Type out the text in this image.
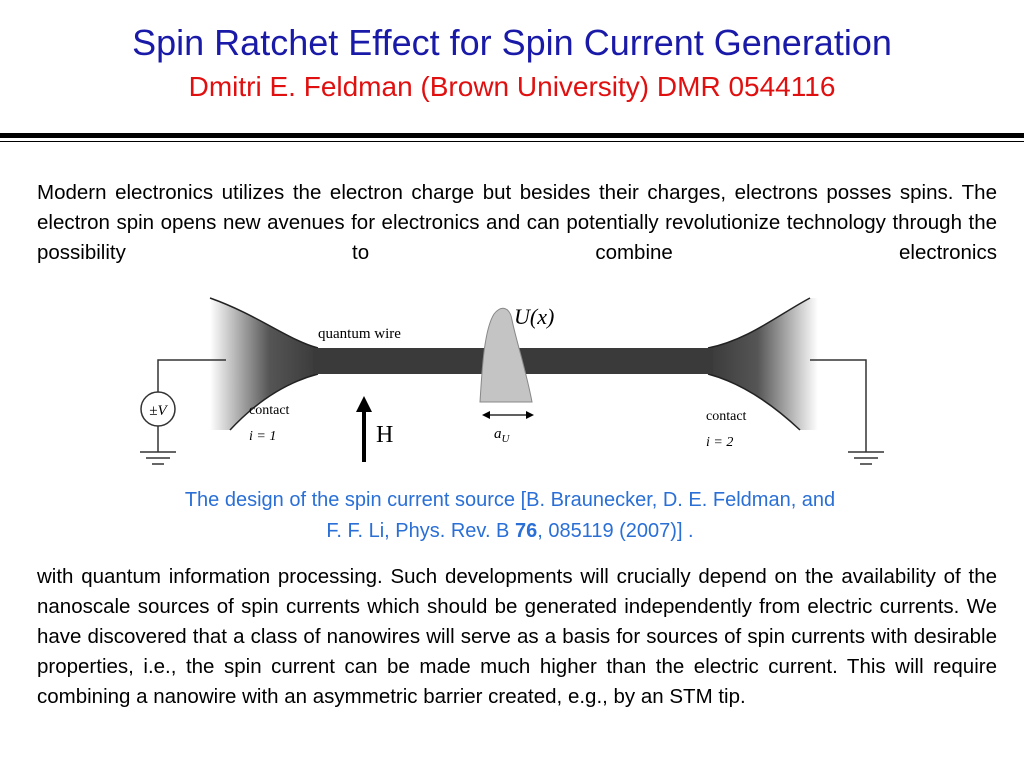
Spin Ratchet Effect for Spin Current Generation
Dmitri E. Feldman (Brown University) DMR 0544116
Modern electronics utilizes the electron charge but besides their charges, electrons posses spins. The electron spin opens new avenues for electronics and can potentially revolutionize technology through the possibility to combine electronics
quantum wire
U(x)
±V	contact
i = 1	H	$a_U$
contact
i = 2
The design of the spin current source [B. Braunecker, D. E. Feldman, and
F. F. Li, Phys. Rev. B 76, 085119 (2007)] .
with quantum information processing. Such developments will crucially depend on the availability of the nanoscale sources of spin currents which should be generated independently from electric currents. We have discovered that a class of nanowires will serve as a basis for sources of spin currents with desirable properties, i.e., the spin current can be made much higher than the electric current. This will require combining a nanowire with an asymmetric barrier created, e.g., by an STM tip.
